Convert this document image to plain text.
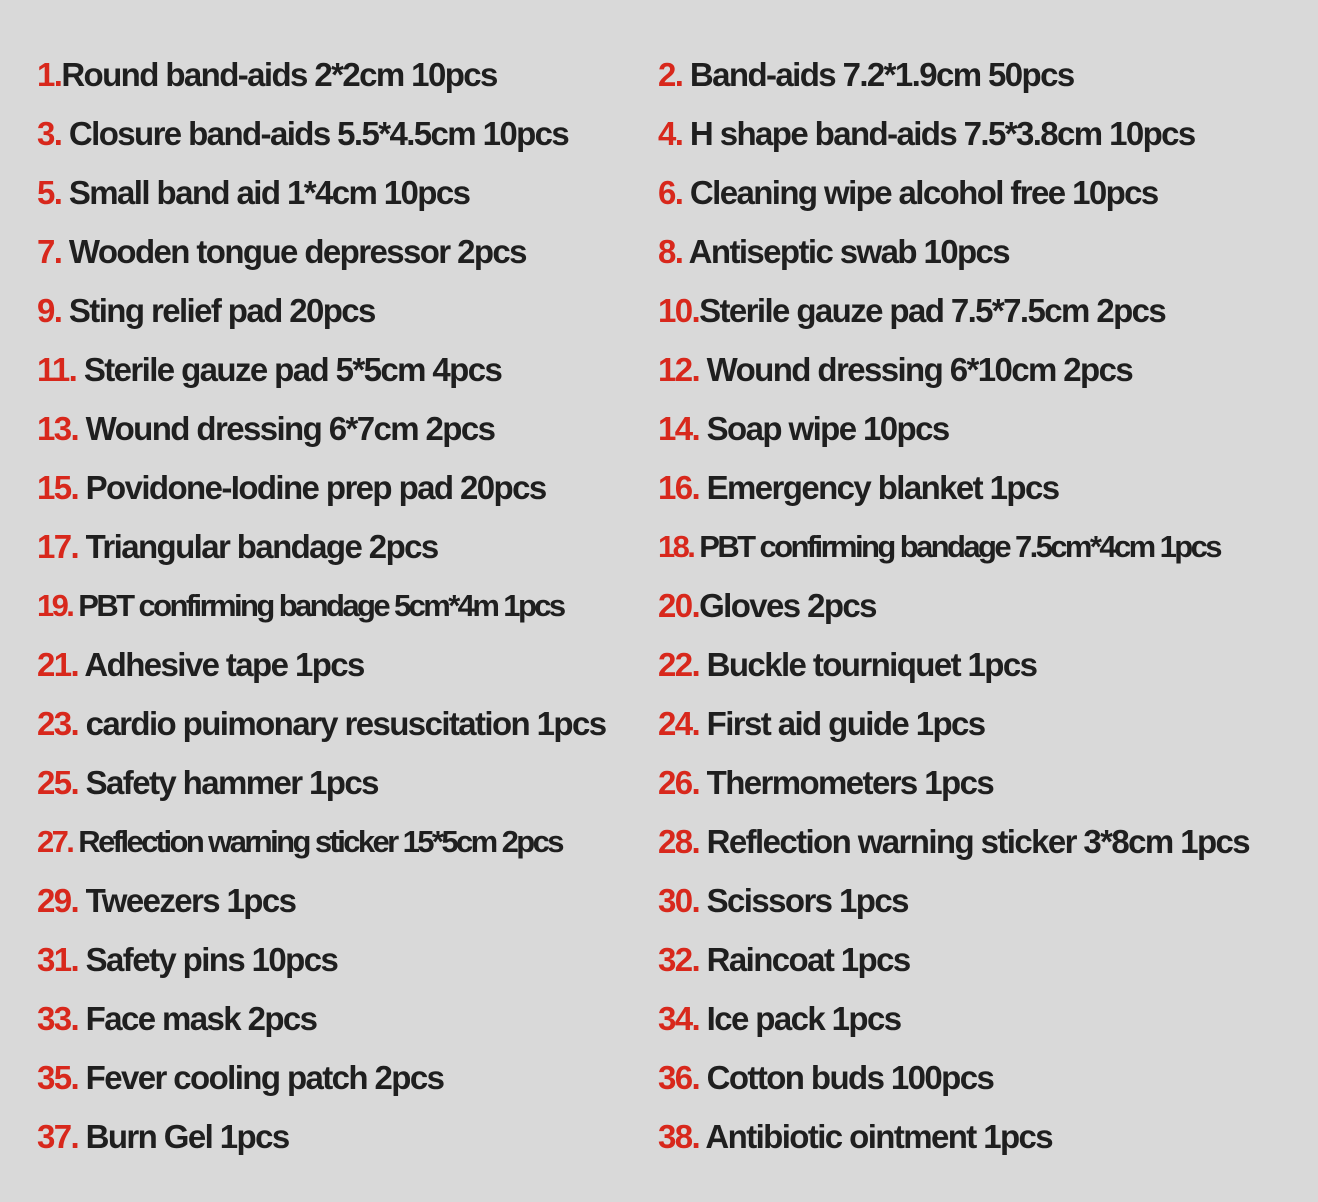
1.Round band-aids 2*2cm 10pcs	2. Band-aids 7.2*1.9cm 50pcs
3. Closure band-aids 5.5*4.5cm 10pcs	4. H shape band-aids 7.5*3.8cm 10pcs
5. Small band aid 1*4cm 10pcs	6. Cleaning wipe alcohol free 10pcs
7. Wooden tongue depressor 2pcs	8. Antiseptic swab 10pcs
9. Sting relief pad 20pcs	10.Sterile gauze pad 7.5*7.5cm 2pcs
11. Sterile gauze pad 5*5cm 4pcs	12. Wound dressing 6*10cm 2pcs
13. Wound dressing 6*7cm 2pcs	14. Soap wipe 10pcs
15. Povidone-Iodine prep pad 20pcs	16. Emergency blanket 1pcs
17. Triangular bandage 2pcs	18. PBT confirming bandage 7.5cm*4cm 1pcs
19. PBT confirming bandage 5cm*4m 1pcs	20.Gloves 2pcs
21. Adhesive tape 1pcs	22. Buckle tourniquet 1pcs
23. cardio puimonary resuscitation 1pcs	24. First aid guide 1pcs
25. Safety hammer 1pcs	26. Thermometers 1pcs
27. Reflection warning sticker 15*5cm 2pcs	28. Reflection warning sticker 3*8cm 1pcs
29. Tweezers 1pcs	30. Scissors 1pcs
31. Safety pins 10pcs	32. Raincoat 1pcs
33. Face mask 2pcs	34. Ice pack 1pcs
35. Fever cooling patch 2pcs	36. Cotton buds 100pcs
37. Burn Gel 1pcs	38. Antibiotic ointment 1pcs
